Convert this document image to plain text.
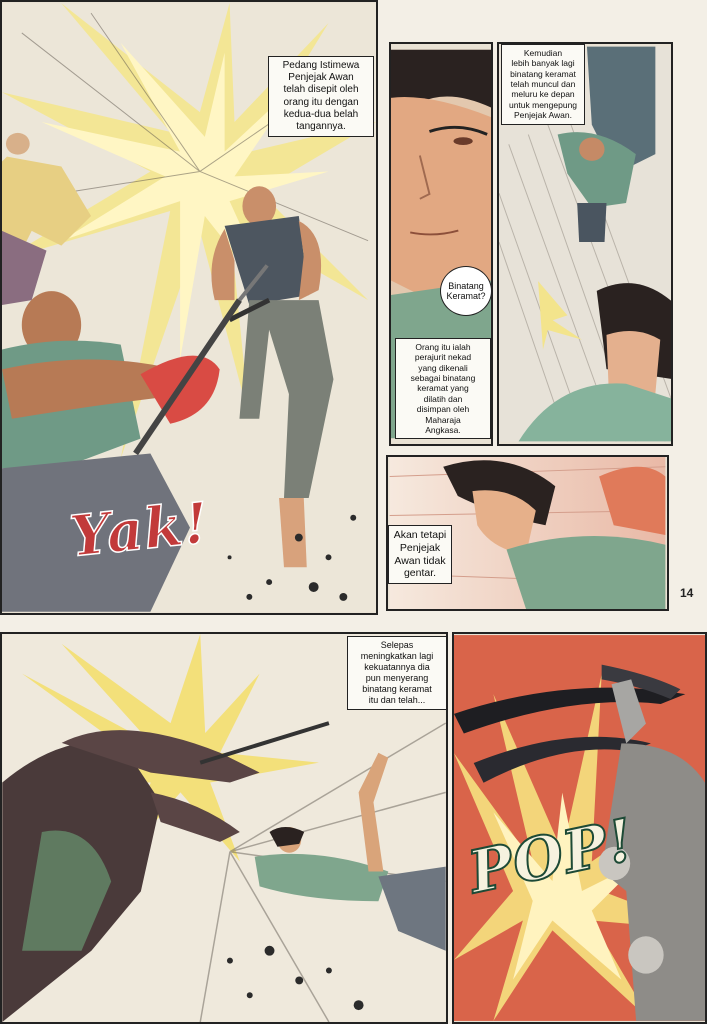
Pedang Istimewa
Penjejak Awan
telah disepit oleh
orang itu dengan
kedua-dua belah
tangannya.
Yak!
Binatang
Keramat?
Orang itu ialah
perajurit nekad
yang dikenali
sebagai binatang
keramat yang
dilatih dan
disimpan oleh
Maharaja
Angkasa.
Kemudian
lebih banyak lagi
binatang keramat
telah muncul dan
meluru ke depan
untuk mengepung
Penjejak Awan.
Akan tetapi
Penjejak
Awan tidak
gentar.
14
Selepas
meningkatkan lagi
kekuatannya dia
pun menyerang
binatang keramat
itu dan telah...
POP!
